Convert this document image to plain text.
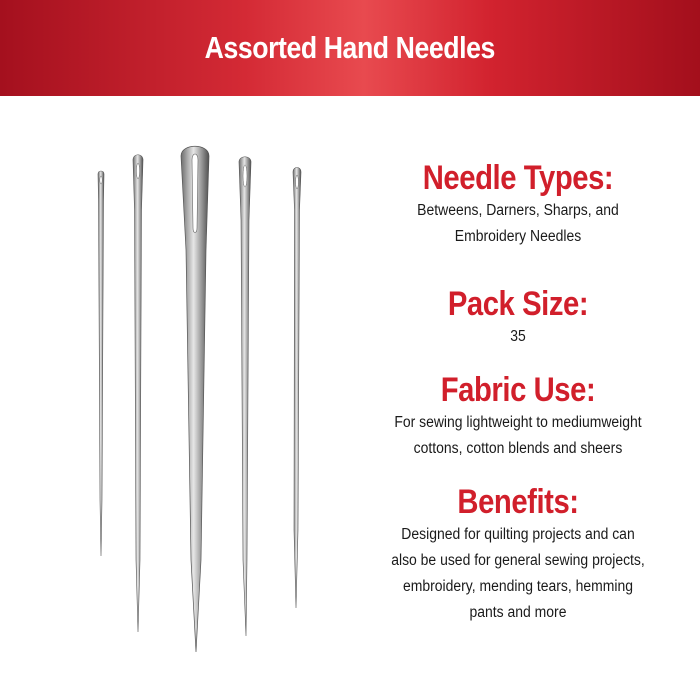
Assorted Hand Needles
Needle Types:
Betweens, Darners, Sharps, and
Embroidery Needles
Pack Size:
35
Fabric Use:
For sewing lightweight to mediumweight
cottons, cotton blends and sheers
Benefits:
Designed for quilting projects and can
also be used for general sewing projects,
embroidery, mending tears, hemming
pants and more
